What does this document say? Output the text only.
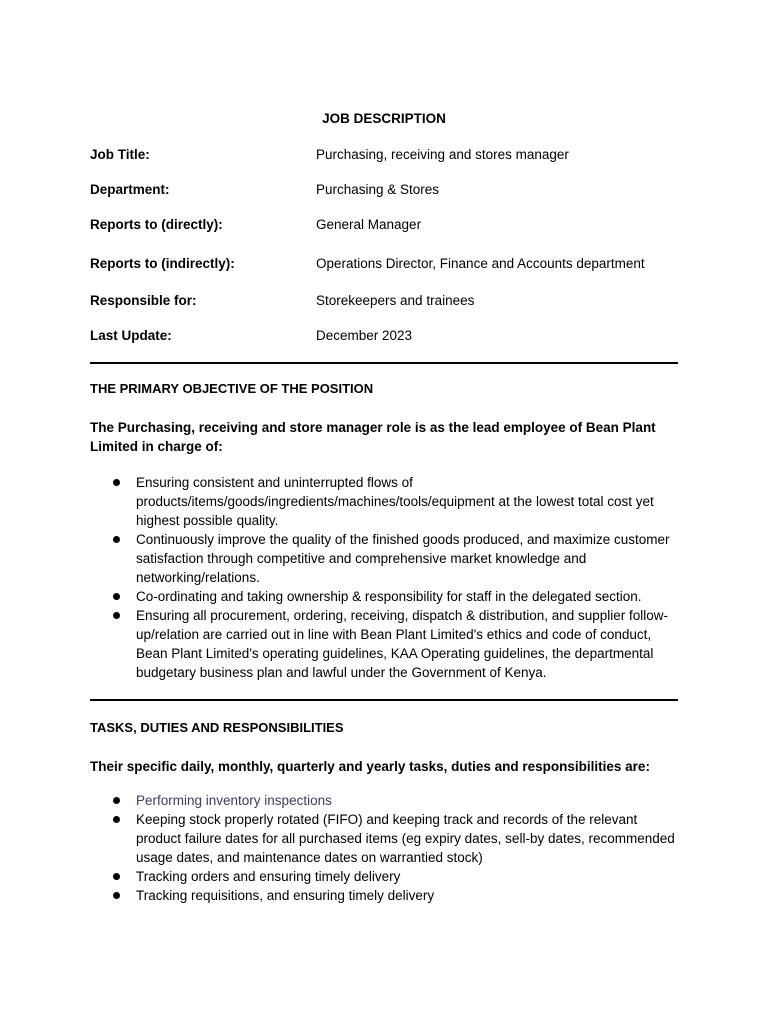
JOB DESCRIPTION
Job Title:	Purchasing, receiving and stores manager
Department:	Purchasing & Stores
Reports to (directly):	General Manager
Reports to (indirectly):	Operations Director, Finance and Accounts department
Responsible for:	Storekeepers and trainees
Last Update:	December 2023
THE PRIMARY OBJECTIVE OF THE POSITION
The Purchasing, receiving and store manager role is as the lead employee of Bean Plant Limited in charge of:
Ensuring consistent and uninterrupted flows of products/items/goods/ingredients/machines/tools/equipment at the lowest total cost yet highest possible quality.
Continuously improve the quality of the finished goods produced, and maximize customer satisfaction through competitive and comprehensive market knowledge and networking/relations.
Co-ordinating and taking ownership & responsibility for staff in the delegated section.
Ensuring all procurement, ordering, receiving, dispatch & distribution, and supplier follow-up/relation are carried out in line with Bean Plant Limited's ethics and code of conduct, Bean Plant Limited's operating guidelines, KAA Operating guidelines, the departmental budgetary business plan and lawful under the Government of Kenya.
TASKS, DUTIES AND RESPONSIBILITIES
Their specific daily, monthly, quarterly and yearly tasks, duties and responsibilities are:
Performing inventory inspections
Keeping stock properly rotated (FIFO) and keeping track and records of the relevant product failure dates for all purchased items (eg expiry dates, sell-by dates, recommended usage dates, and maintenance dates on warrantied stock)
Tracking orders and ensuring timely delivery
Tracking requisitions, and ensuring timely delivery
